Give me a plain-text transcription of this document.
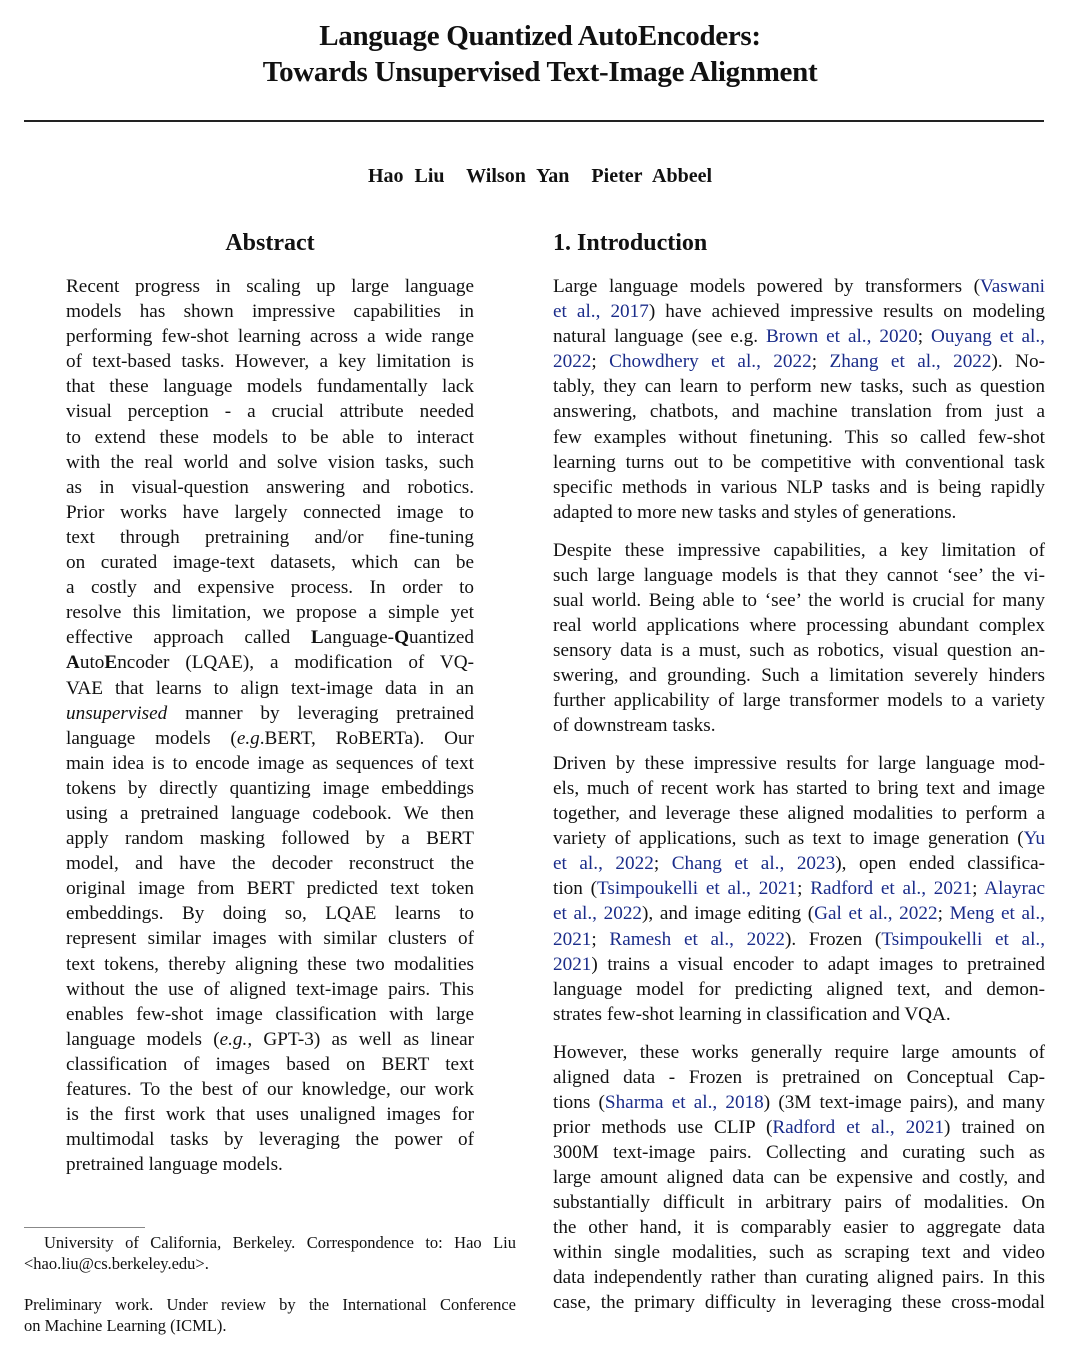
Language Quantized AutoEncoders:
Towards Unsupervised Text-Image Alignment
Hao Liu  Wilson Yan  Pieter Abbeel
Abstract
Recent progress in scaling up large language
models has shown impressive capabilities in
performing few-shot learning across a wide range
of text-based tasks. However, a key limitation is
that these language models fundamentally lack
visual perception - a crucial attribute needed
to extend these models to be able to interact
with the real world and solve vision tasks, such
as in visual-question answering and robotics.
Prior works have largely connected image to
text through pretraining and/or fine-tuning
on curated image-text datasets, which can be
a costly and expensive process. In order to
resolve this limitation, we propose a simple yet
effective approach called Language-Quantized
AutoEncoder (LQAE), a modification of VQ-
VAE that learns to align text-image data in an
unsupervised manner by leveraging pretrained
language models (e.g.BERT, RoBERTa). Our
main idea is to encode image as sequences of text
tokens by directly quantizing image embeddings
using a pretrained language codebook. We then
apply random masking followed by a BERT
model, and have the decoder reconstruct the
original image from BERT predicted text token
embeddings. By doing so, LQAE learns to
represent similar images with similar clusters of
text tokens, thereby aligning these two modalities
without the use of aligned text-image pairs. This
enables few-shot image classification with large
language models (e.g., GPT-3) as well as linear
classification of images based on BERT text
features. To the best of our knowledge, our work
is the first work that uses unaligned images for
multimodal tasks by leveraging the power of
pretrained language models.
University of California, Berkeley. Correspondence to: Hao Liu
<hao.liu@cs.berkeley.edu>.
Preliminary work. Under review by the International Conference
on Machine Learning (ICML).
1. Introduction
Large language models powered by transformers (Vaswani
et al., 2017) have achieved impressive results on modeling
natural language (see e.g. Brown et al., 2020; Ouyang et al.,
2022; Chowdhery et al., 2022; Zhang et al., 2022). No-
tably, they can learn to perform new tasks, such as question
answering, chatbots, and machine translation from just a
few examples without finetuning. This so called few-shot
learning turns out to be competitive with conventional task
specific methods in various NLP tasks and is being rapidly
adapted to more new tasks and styles of generations.
Despite these impressive capabilities, a key limitation of
such large language models is that they cannot ‘see’ the vi-
sual world. Being able to ‘see’ the world is crucial for many
real world applications where processing abundant complex
sensory data is a must, such as robotics, visual question an-
swering, and grounding. Such a limitation severely hinders
further applicability of large transformer models to a variety
of downstream tasks.
Driven by these impressive results for large language mod-
els, much of recent work has started to bring text and image
together, and leverage these aligned modalities to perform a
variety of applications, such as text to image generation (Yu
et al., 2022; Chang et al., 2023), open ended classifica-
tion (Tsimpoukelli et al., 2021; Radford et al., 2021; Alayrac
et al., 2022), and image editing (Gal et al., 2022; Meng et al.,
2021; Ramesh et al., 2022). Frozen (Tsimpoukelli et al.,
2021) trains a visual encoder to adapt images to pretrained
language model for predicting aligned text, and demon-
strates few-shot learning in classification and VQA.
However, these works generally require large amounts of
aligned data - Frozen is pretrained on Conceptual Cap-
tions (Sharma et al., 2018) (3M text-image pairs), and many
prior methods use CLIP (Radford et al., 2021) trained on
300M text-image pairs. Collecting and curating such as
large amount aligned data can be expensive and costly, and
substantially difficult in arbitrary pairs of modalities. On
the other hand, it is comparably easier to aggregate data
within single modalities, such as scraping text and video
data independently rather than curating aligned pairs. In this
case, the primary difficulty in leveraging these cross-modal
